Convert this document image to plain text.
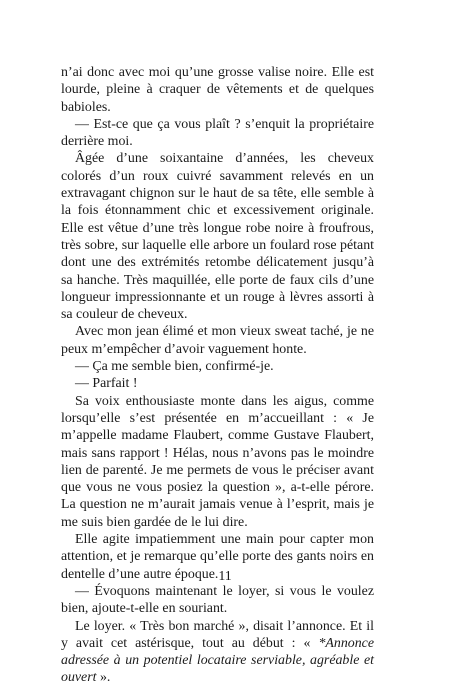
n’ai donc avec moi qu’une grosse valise noire. Elle est lourde, pleine à craquer de vêtements et de quelques babioles.

— Est-ce que ça vous plaît ? s’enquit la propriétaire derrière moi.

Âgée d’une soixantaine d’années, les cheveux colorés d’un roux cuivré savamment relevés en un extravagant chignon sur le haut de sa tête, elle semble à la fois étonnamment chic et excessivement originale. Elle est vêtue d’une très longue robe noire à froufrous, très sobre, sur laquelle elle arbore un foulard rose pétant dont une des extrémités retombe délicatement jusqu’à sa hanche. Très maquillée, elle porte de faux cils d’une longueur impressionnante et un rouge à lèvres assorti à sa couleur de cheveux.

Avec mon jean élimé et mon vieux sweat taché, je ne peux m’empêcher d’avoir vaguement honte.

— Ça me semble bien, confirmé-je.

— Parfait !

Sa voix enthousiaste monte dans les aigus, comme lorsqu’elle s’est présentée en m’accueillant : « Je m’appelle madame Flaubert, comme Gustave Flaubert, mais sans rapport ! Hélas, nous n’avons pas le moindre lien de parenté. Je me permets de vous le préciser avant que vous ne vous posiez la question », a-t-elle pérore. La question ne m’aurait jamais venue à l’esprit, mais je me suis bien gardée de le lui dire.

Elle agite impatiemment une main pour capter mon attention, et je remarque qu’elle porte des gants noirs en dentelle d’une autre époque.

— Évoquons maintenant le loyer, si vous le voulez bien, ajoute-t-elle en souriant.

Le loyer. « Très bon marché », disait l’annonce. Et il y avait cet astérisque, tout au début : « *Annonce adressée à un potentiel locataire serviable, agréable et ouvert ».

11
